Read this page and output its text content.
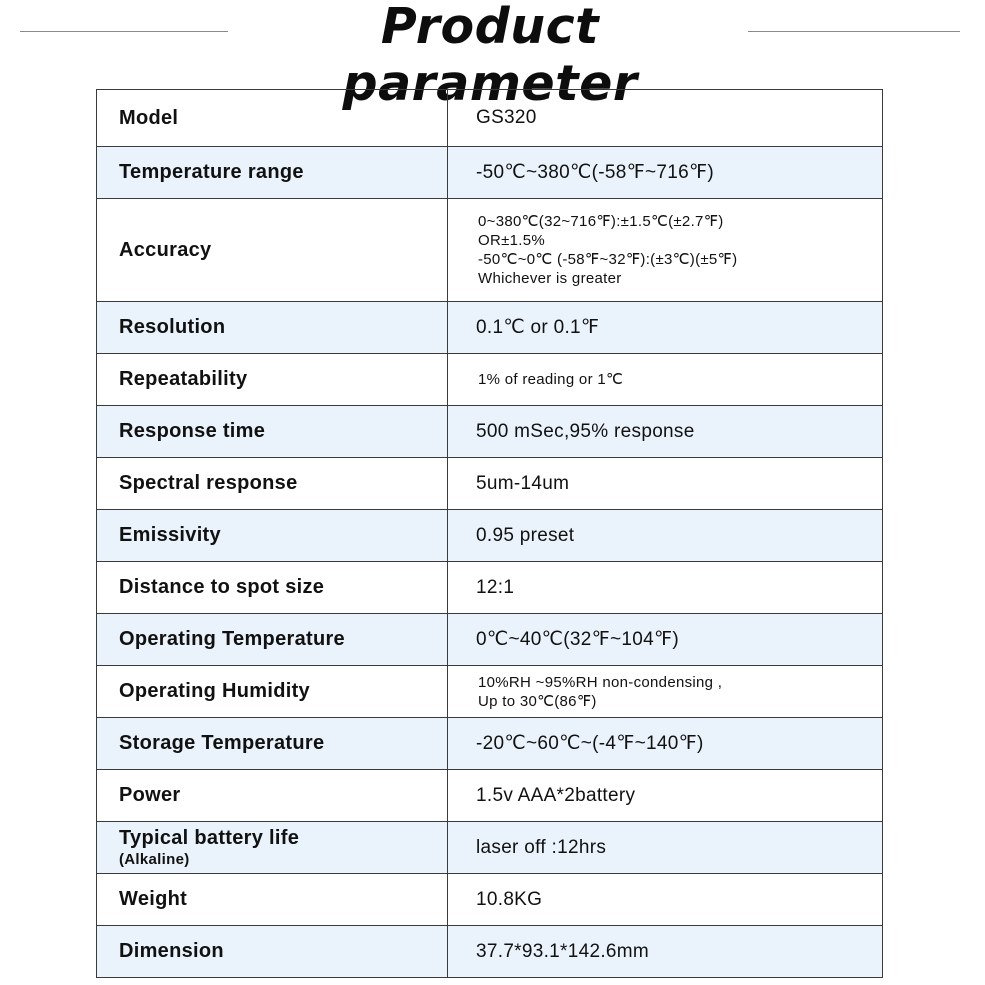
Product parameter
Model	GS320
Temperature range	-50℃~380℃(-58℉~716℉)
Accuracy	0~380℃(32~716℉):±1.5℃(±2.7℉)
OR±1.5%
-50℃~0℃ (-58℉~32℉):(±3℃)(±5℉)
Whichever is greater

Resolution	0.1℃ or 0.1℉
Repeatability	1% of reading or 1℃
Response time	500 mSec,95% response
Spectral response	5um-14um
Emissivity	0.95 preset
Distance to spot size	12:1
Operating Temperature	0℃~40℃(32℉~104℉)
Operating Humidity	10%RH ~95%RH non-condensing ,
Up to 30℃(86℉)

Storage Temperature	-20℃~60℃~(-4℉~140℉)
Power	1.5v AAA*2battery

Typical battery life
(Alkaline)	laser off :12hrs
Weight	10.8KG
Dimension	37.7*93.1*142.6mm
